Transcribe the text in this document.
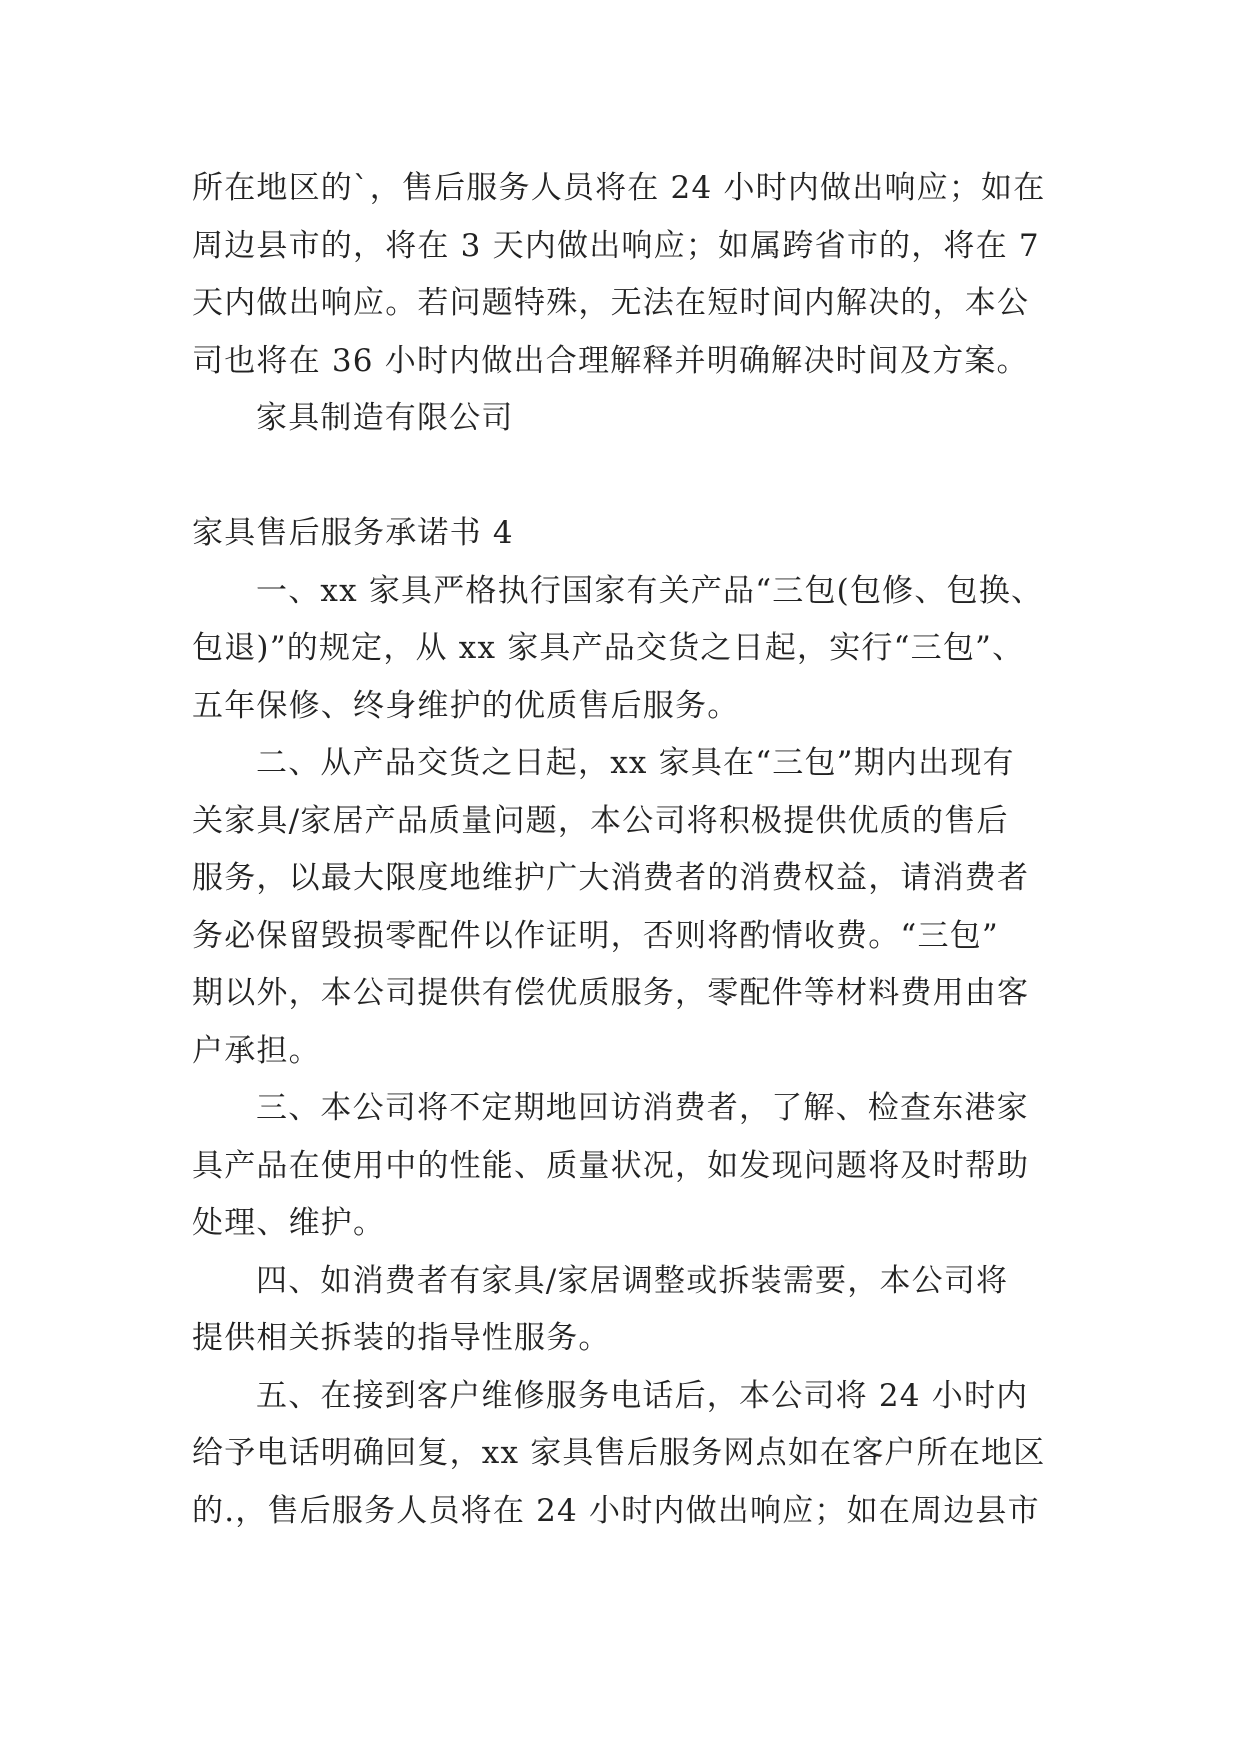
所在地区的`，售后服务人员将在 24 小时内做出响应；如在
周边县市的，将在 3 天内做出响应；如属跨省市的，将在 7
天内做出响应。若问题特殊，无法在短时间内解决的，本公
司也将在 36 小时内做出合理解释并明确解决时间及方案。
家具制造有限公司
家具售后服务承诺书 4
一、xx 家具严格执行国家有关产品“三包(包修、包换、
包退)”的规定，从 xx 家具产品交货之日起，实行“三包”、
五年保修、终身维护的优质售后服务。
二、从产品交货之日起，xx 家具在“三包”期内出现有
关家具/家居产品质量问题，本公司将积极提供优质的售后
服务，以最大限度地维护广大消费者的消费权益，请消费者
务必保留毁损零配件以作证明，否则将酌情收费。“三包”
期以外，本公司提供有偿优质服务，零配件等材料费用由客
户承担。
三、本公司将不定期地回访消费者，了解、检查东港家
具产品在使用中的性能、质量状况，如发现问题将及时帮助
处理、维护。
四、如消费者有家具/家居调整或拆装需要，本公司将
提供相关拆装的指导性服务。
五、在接到客户维修服务电话后，本公司将 24 小时内
给予电话明确回复，xx 家具售后服务网点如在客户所在地区
的.，售后服务人员将在 24 小时内做出响应；如在周边县市
